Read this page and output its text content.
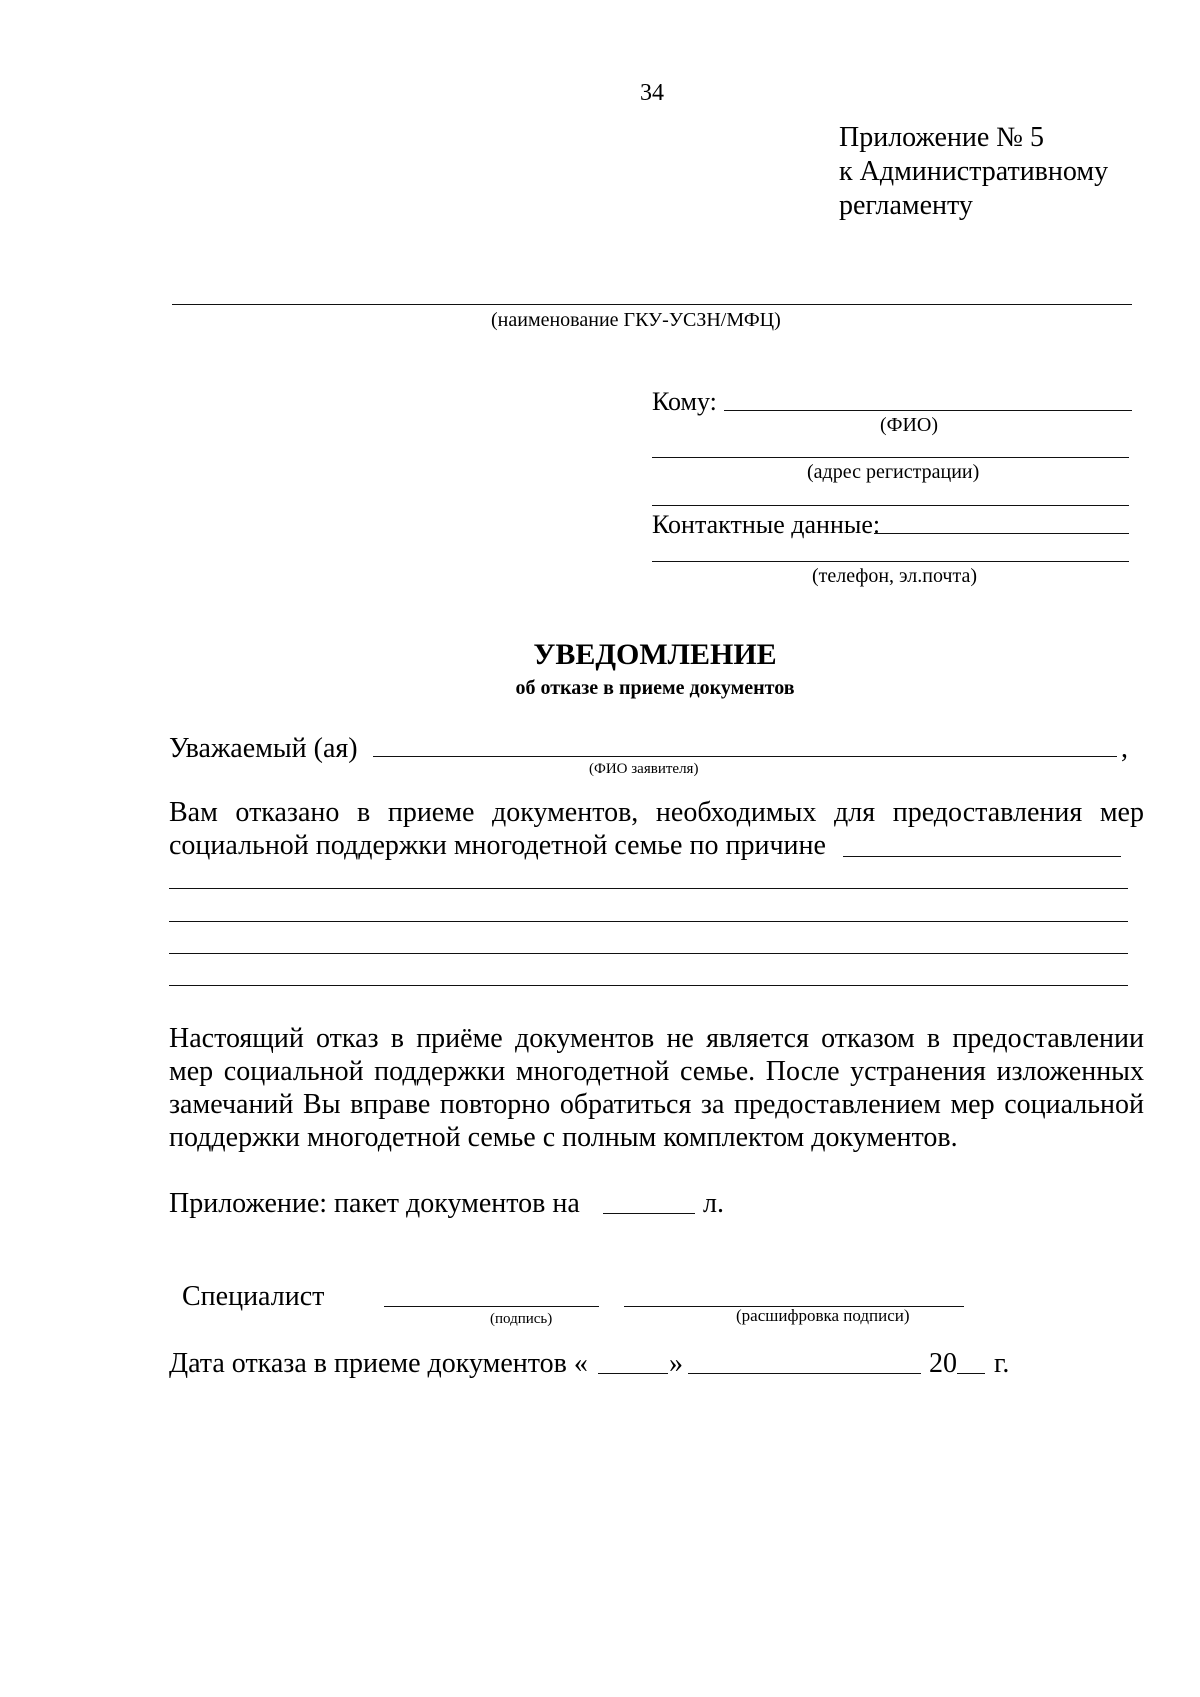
34
Приложение № 5
к Административному
регламенту
(наименование ГКУ-УСЗН/МФЦ)
Кому:
(ФИО)
(адрес регистрации)
Контактные данные:
(телефон, эл.почта)
УВЕДОМЛЕНИЕ
об отказе в приеме документов
Уважаемый (ая)	,
(ФИО заявителя)
Вам отказано в приеме документов, необходимых для предоставления мер
социальной поддержки многодетной семье по причине
Настоящий отказ в приёме документов не является отказом в предоставлении
мер социальной поддержки многодетной семье. После устранения изложенных
замечаний Вы вправе повторно обратиться за предоставлением мер социальной
поддержки многодетной семье с полным комплектом документов.
Приложение: пакет документов на	л.
Специалист
(подпись)	(расшифровка подписи)
Дата отказа в приеме документов «	»	20 г.
